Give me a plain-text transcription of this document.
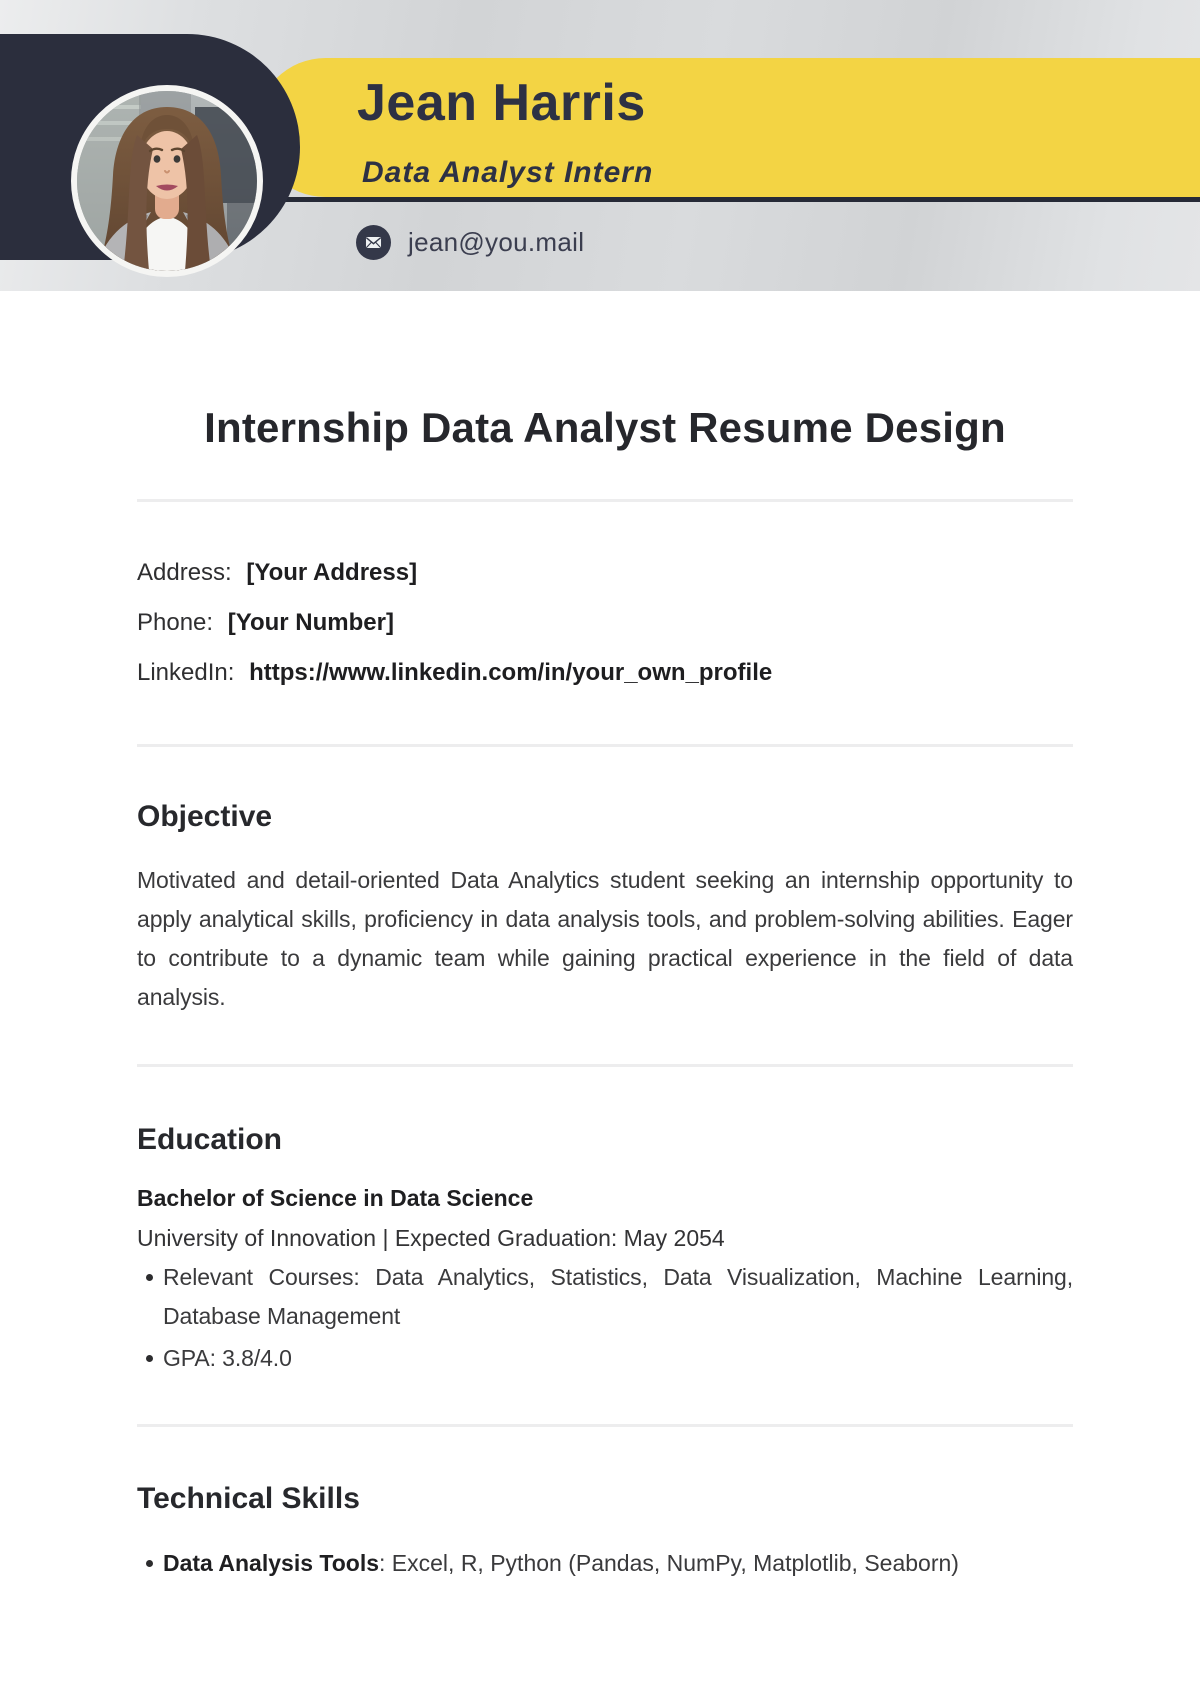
Jean Harris
Data Analyst Intern
jean@you.mail
Internship Data Analyst Resume Design

Address: [Your Address]

Phone: [Your Number]

LinkedIn: https://www.linkedin.com/in/your_own_profile

Objective

Motivated and detail-oriented Data Analytics student seeking an internship opportunity to apply analytical skills, proficiency in data analysis tools, and problem-solving abilities. Eager to contribute to a dynamic team while gaining practical experience in the field of data analysis.

Education

Bachelor of Science in Data Science

University of Innovation | Expected Graduation: May 2054

Relevant Courses: Data Analytics, Statistics, Data Visualization, Machine Learning, Database Management
GPA: 3.8/4.0
Technical Skills
Data Analysis Tools: Excel, R, Python (Pandas, NumPy, Matplotlib, Seaborn)
